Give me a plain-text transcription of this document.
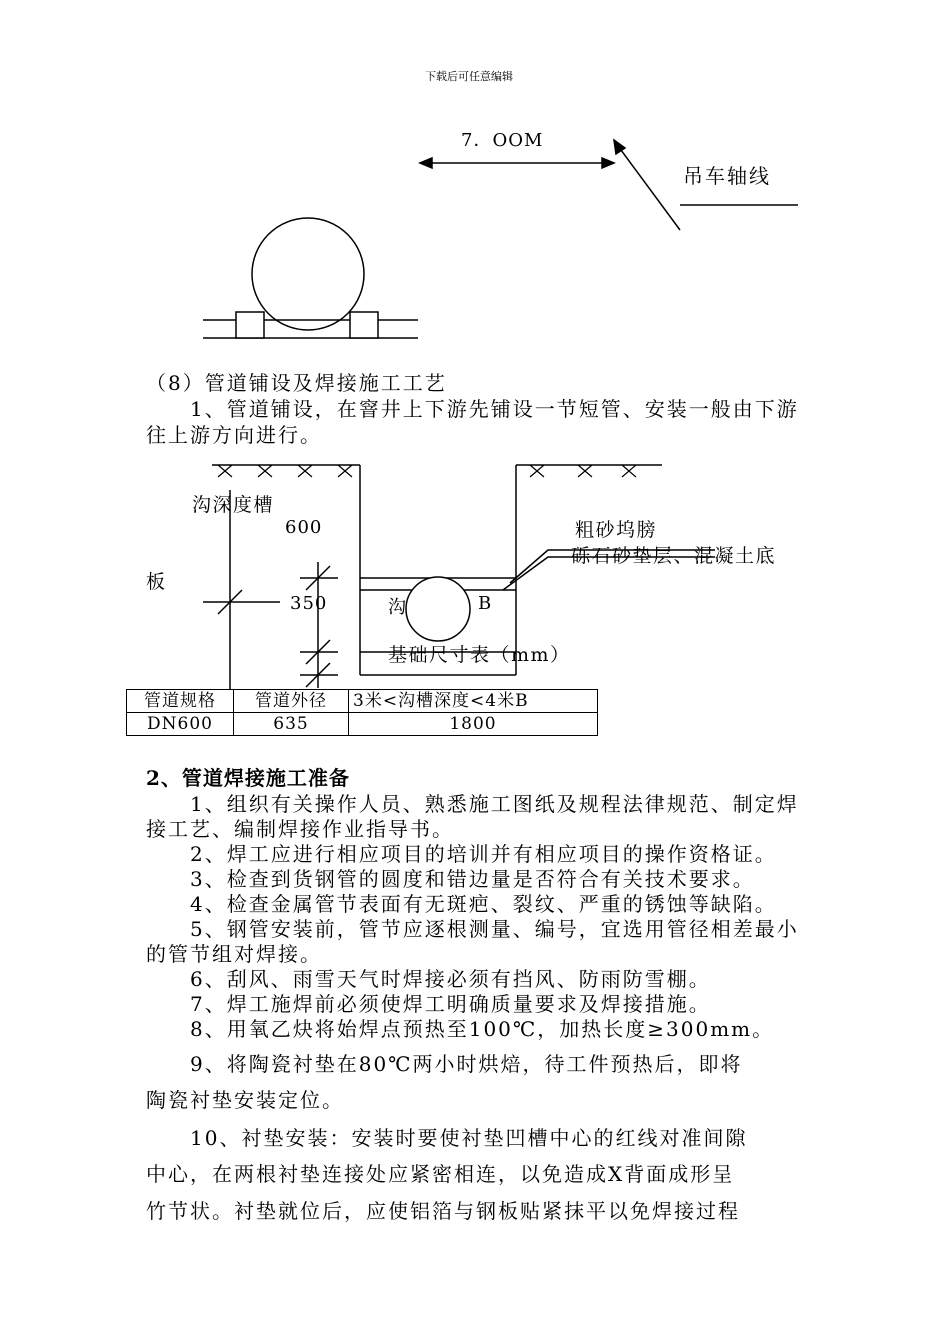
下载后可任意编辑
7．OOM
吊车轴线
（8）管道铺设及焊接施工工艺
1、管道铺设，在窨井上下游先铺设一节短管、安装一般由下游
往上游方向进行。
沟深度槽
600	粗砂坞膀
砾石砂垫层、混凝土底
板
350	沟	B
基础尺寸表（mm）
管道规格	管道外径	3米<沟槽深度<4米B
DN600	635	1800
2、管道焊接施工准备
1、组织有关操作人员、熟悉施工图纸及规程法律规范、制定焊
接工艺、编制焊接作业指导书。
2、焊工应进行相应项目的培训并有相应项目的操作资格证。
3、检查到货钢管的圆度和错边量是否符合有关技术要求。
4、检查金属管节表面有无斑疤、裂纹、严重的锈蚀等缺陷。
5、钢管安装前，管节应逐根测量、编号，宜选用管径相差最小
的管节组对焊接。
6、刮风、雨雪天气时焊接必须有挡风、防雨防雪棚。
7、焊工施焊前必须使焊工明确质量要求及焊接措施。
8、用氧乙炔将始焊点预热至100℃，加热长度≥300mm。
9、将陶瓷衬垫在80℃两小时烘焙，待工件预热后，即将
陶瓷衬垫安装定位。
10、衬垫安装：安装时要使衬垫凹槽中心的红线对准间隙
中心，在两根衬垫连接处应紧密相连，以免造成X背面成形呈
竹节状。衬垫就位后，应使铝箔与钢板贴紧抹平以免焊接过程
